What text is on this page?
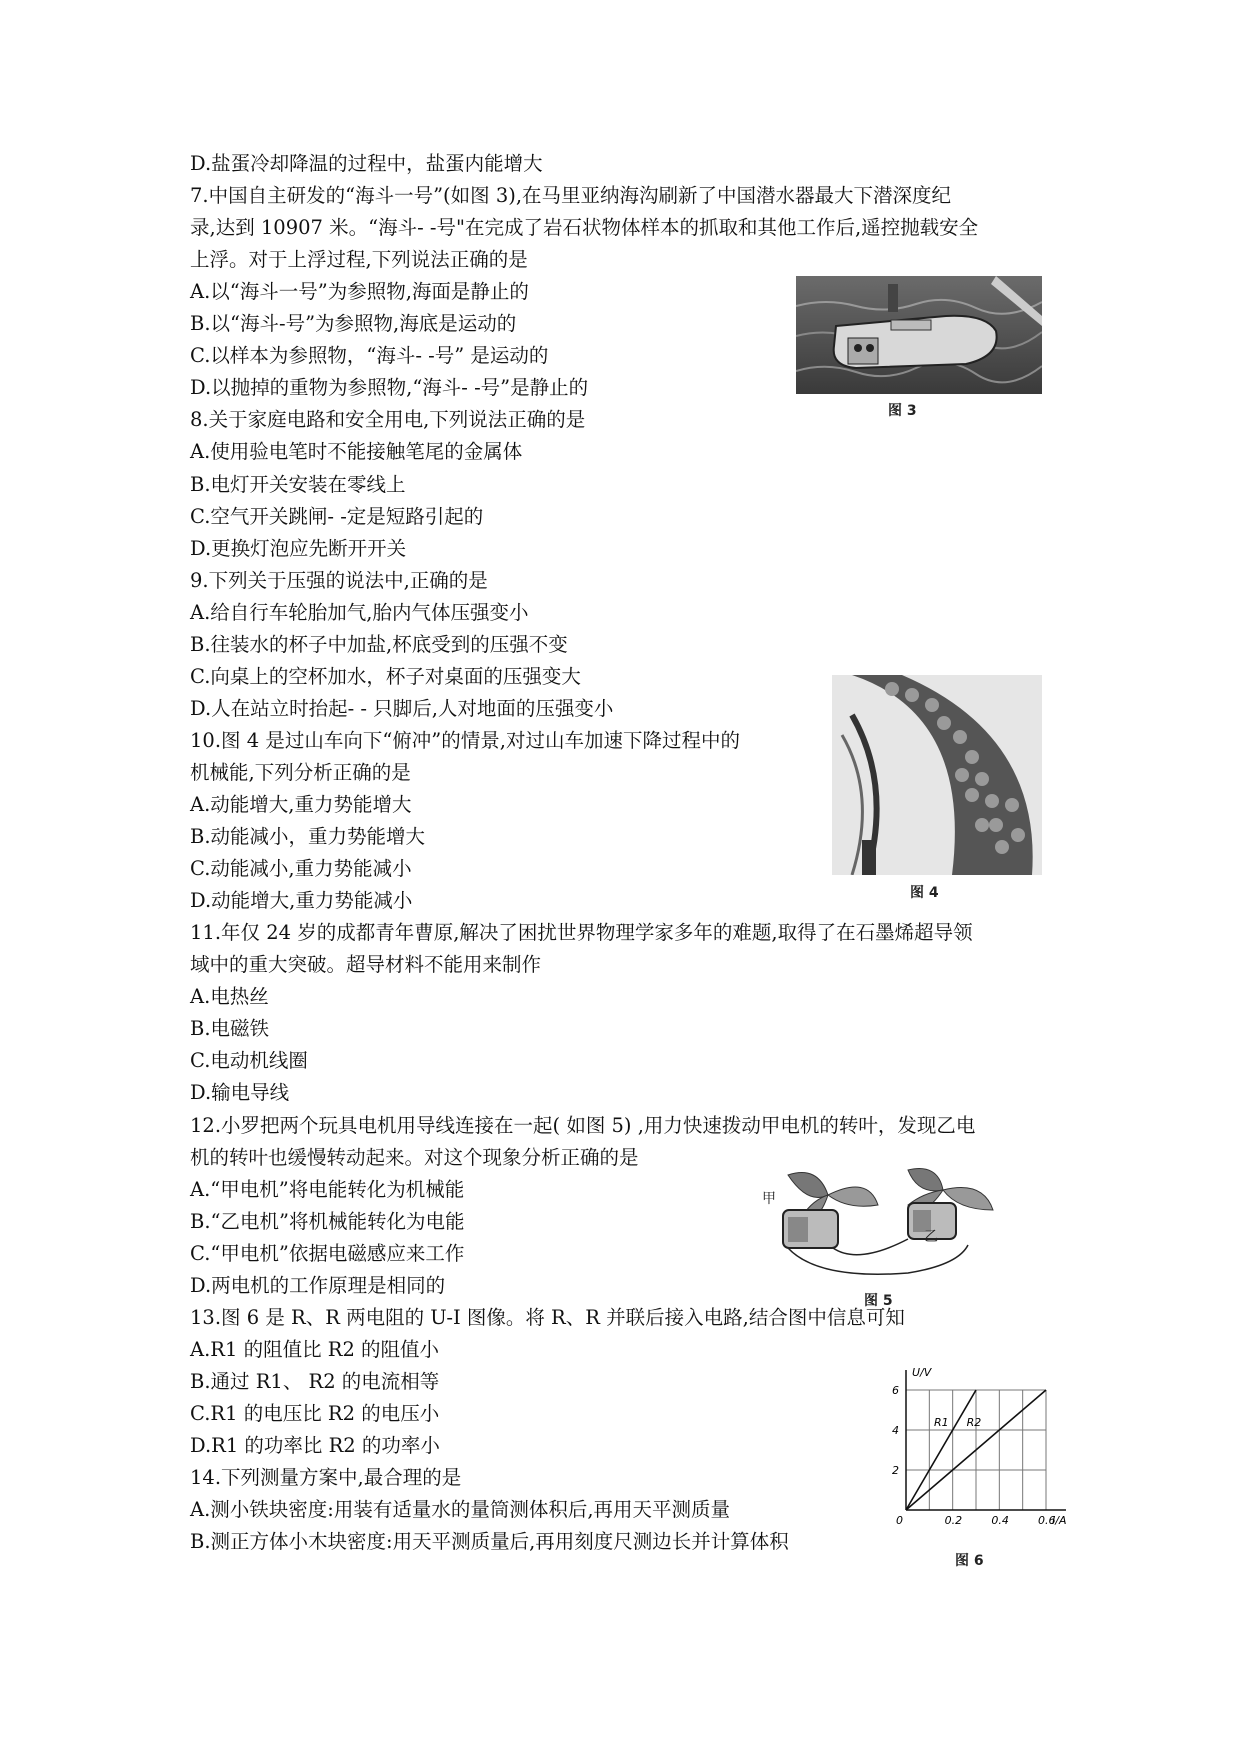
D.盐蛋冷却降温的过程中，盐蛋内能增大
7.中国自主研发的“海斗一号”(如图 3),在马里亚纳海沟刷新了中国潜水器最大下潜深度纪
录,达到 10907 米。“海斗- -号"在完成了岩石状物体样本的抓取和其他工作后,遥控抛载安全
上浮。对于上浮过程,下列说法正确的是
A.以“海斗一号”为参照物,海面是静止的
B.以“海斗-号”为参照物,海底是运动的
C.以样本为参照物，“海斗- -号” 是运动的
D.以抛掉的重物为参照物,“海斗- -号”是静止的
8.关于家庭电路和安全用电,下列说法正确的是
A.使用验电笔时不能接触笔尾的金属体
B.电灯开关安装在零线上
C.空气开关跳闸- -定是短路引起的
D.更换灯泡应先断开开关
9.下列关于压强的说法中,正确的是
A.给自行车轮胎加气,胎内气体压强变小
B.往装水的杯子中加盐,杯底受到的压强不变
C.向桌上的空杯加水，杯子对桌面的压强变大
D.人在站立时抬起- - 只脚后,人对地面的压强变小
10.图 4 是过山车向下“俯冲”的情景,对过山车加速下降过程中的
机械能,下列分析正确的是
A.动能增大,重力势能增大
B.动能减小，重力势能增大
C.动能减小,重力势能减小
D.动能增大,重力势能减小
11.年仅 24 岁的成都青年曹原,解决了困扰世界物理学家多年的难题,取得了在石墨烯超导领
域中的重大突破。超导材料不能用来制作
A.电热丝
B.电磁铁
C.电动机线圈
D.输电导线
12.小罗把两个玩具电机用导线连接在一起( 如图 5) ,用力快速拨动甲电机的转叶，发现乙电
机的转叶也缓慢转动起来。对这个现象分析正确的是
A.“甲电机”将电能转化为机械能
B.“乙电机”将机械能转化为电能
C.“甲电机”依据电磁感应来工作
D.两电机的工作原理是相同的
13.图 6 是 R、R 两电阻的 U-I 图像。将 R、R 并联后接入电路,结合图中信息可知
A.R1 的阻值比 R2 的阻值小
B.通过 R1、 R2 的电流相等
C.R1 的电压比 R2 的电压小
D.R1 的功率比 R2 的功率小
14.下列测量方案中,最合理的是
A.测小铁块密度:用装有适量水的量筒测体积后,再用天平测质量
B.测正方体小木块密度:用天平测质量后,再用刻度尺测边长并计算体积
图 3
图 4
甲
乙
图 5
0.2	0.4	0.6
2
4
6
0
U/V
I/A
R1 R2
图 6
